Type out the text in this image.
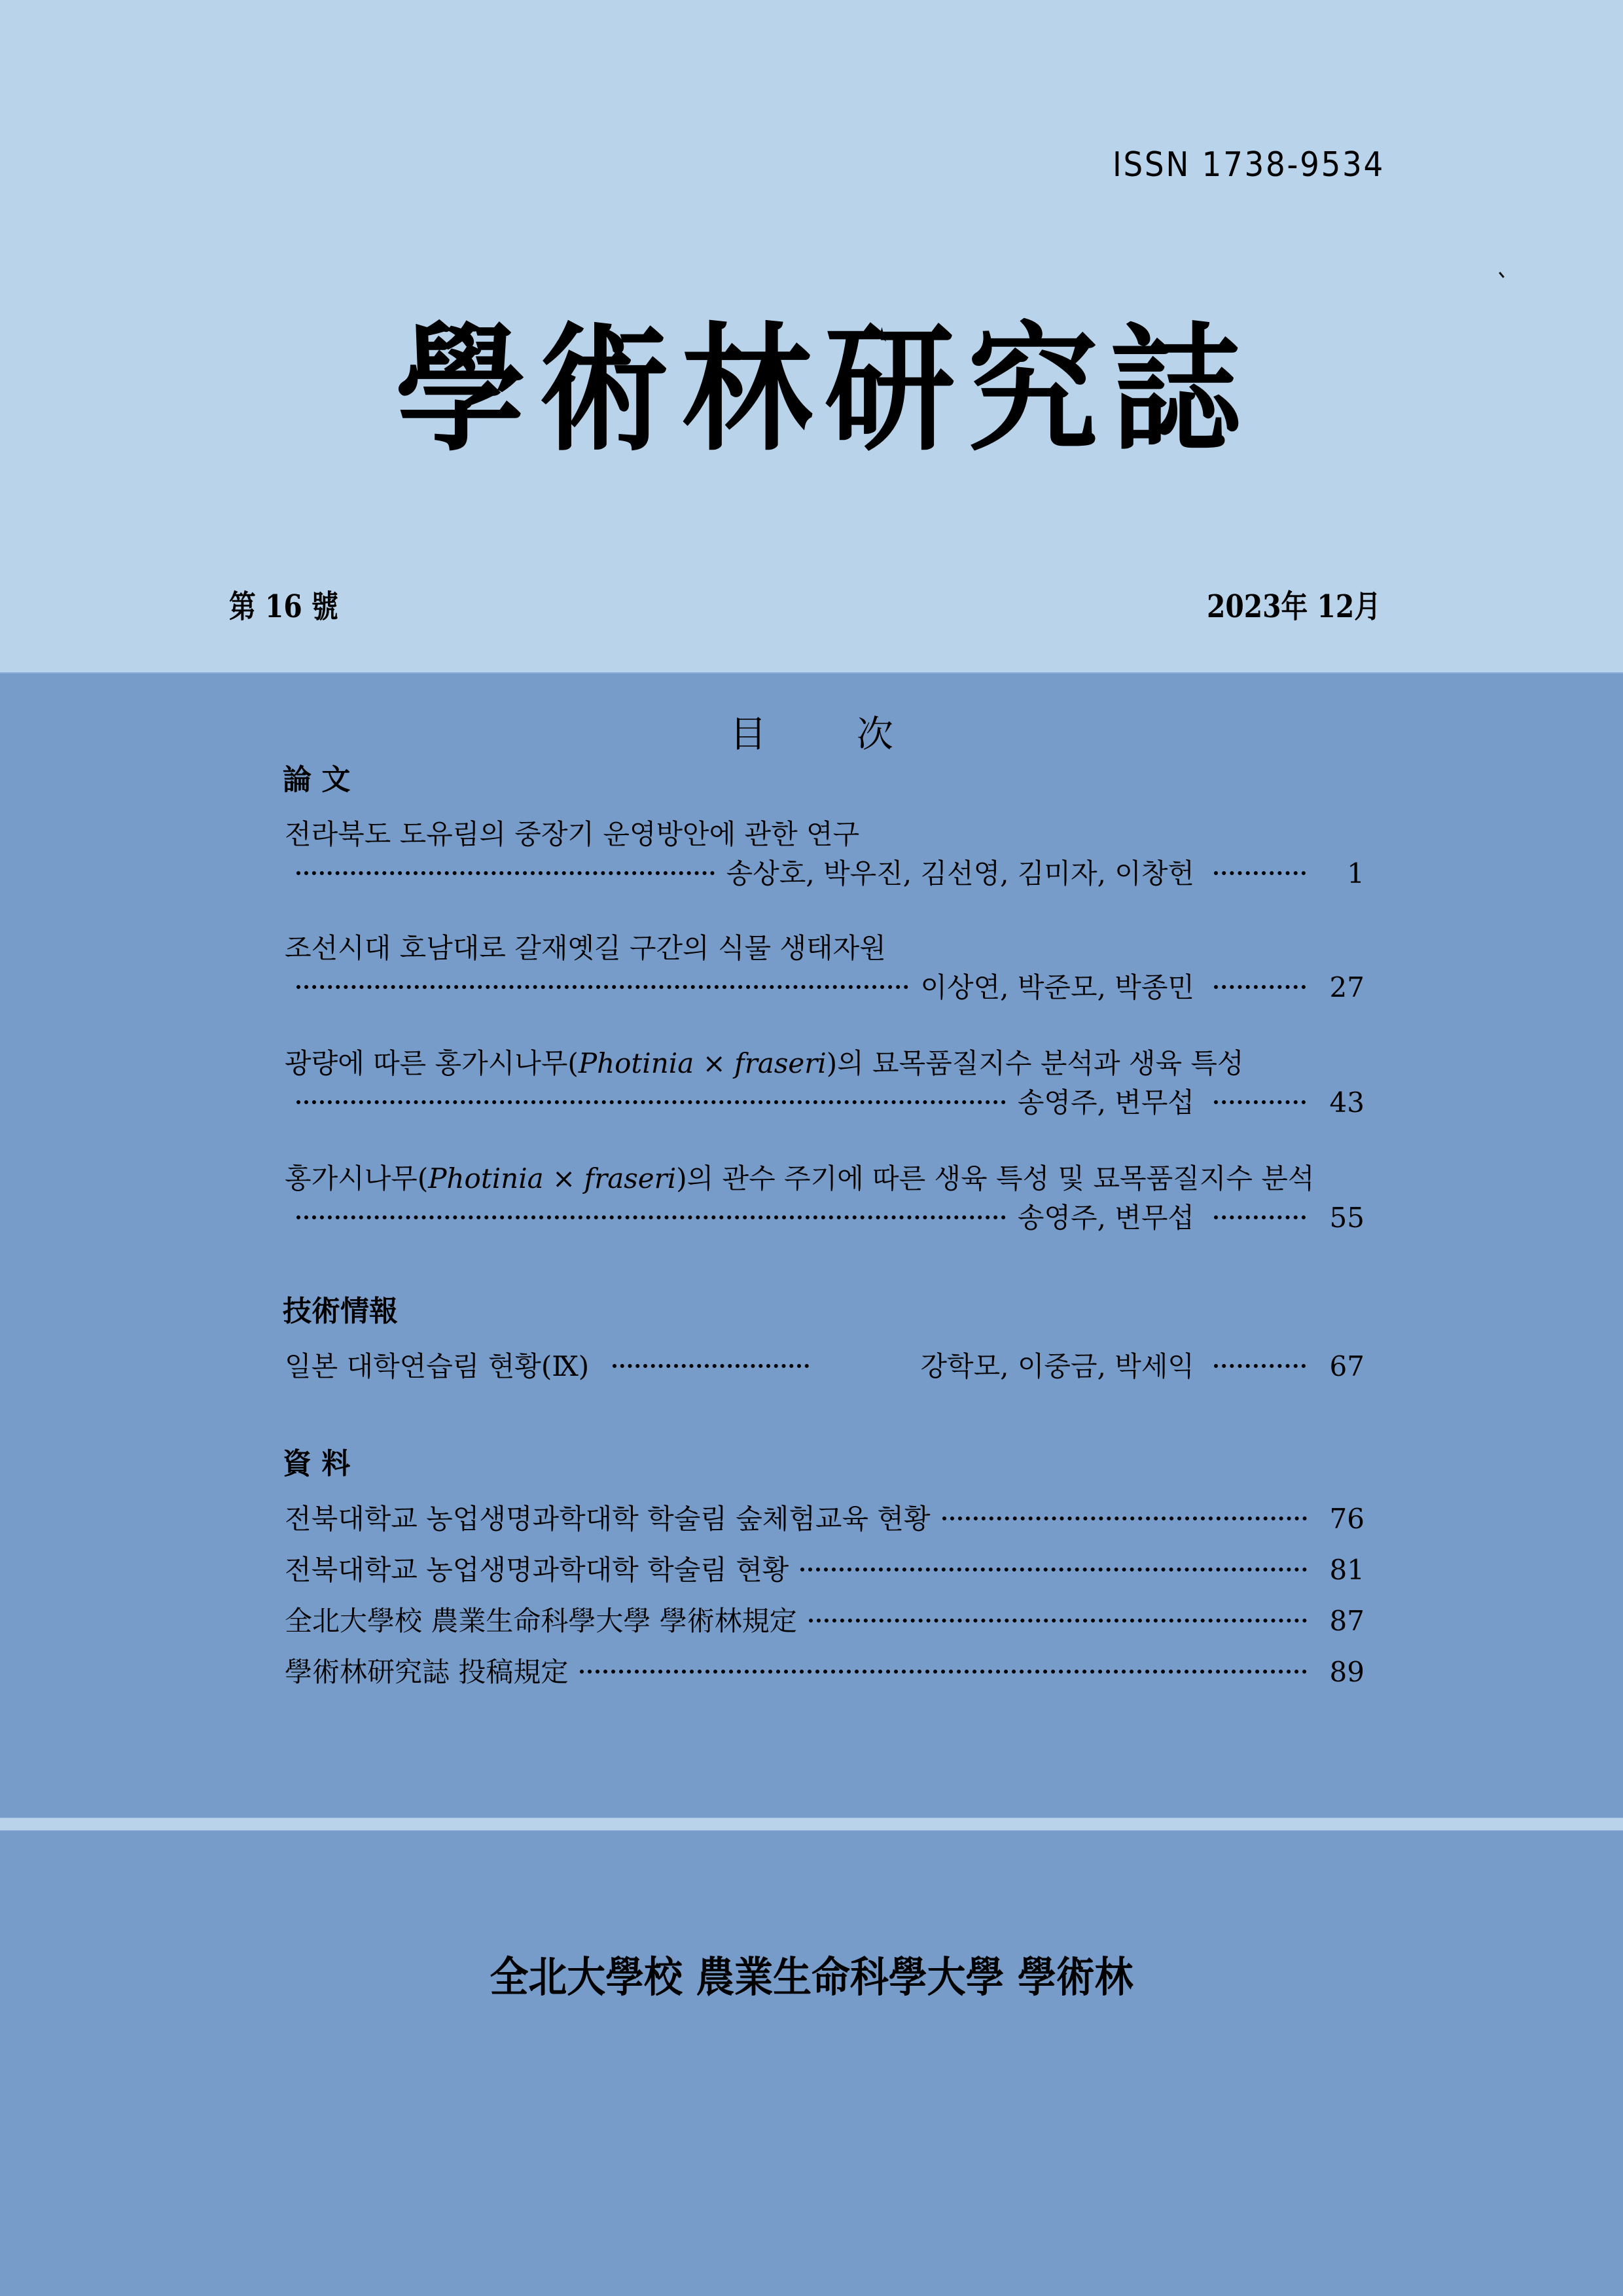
ISSN 1738-9534
學術林研究誌
第 16 號	2023年 12月
目 次
論 文
전라북도 도유림의 중장기 운영방안에 관한 연구
송상호, 박우진, 김선영, 김미자, 이창헌	1
조선시대 호남대로 갈재옛길 구간의 식물 생태자원
이상연, 박준모, 박종민	27
광량에 따른 홍가시나무(Photinia × fraseri)의 묘목품질지수 분석과 생육 특성
송영주, 변무섭	43
홍가시나무(Photinia × fraseri)의 관수 주기에 따른 생육 특성 및 묘목품질지수 분석
송영주, 변무섭	55
技術情報
일본 대학연습림 현황(Ⅸ)	강학모, 이중금, 박세익	67
資 料
전북대학교 농업생명과학대학 학술림 숲체험교육 현황	76
전북대학교 농업생명과학대학 학술림 현황	81
全北大學校 農業生命科學大學 學術林規定	87
學術林研究誌 投稿規定	89
全北大學校 農業生命科學大學 學術林
